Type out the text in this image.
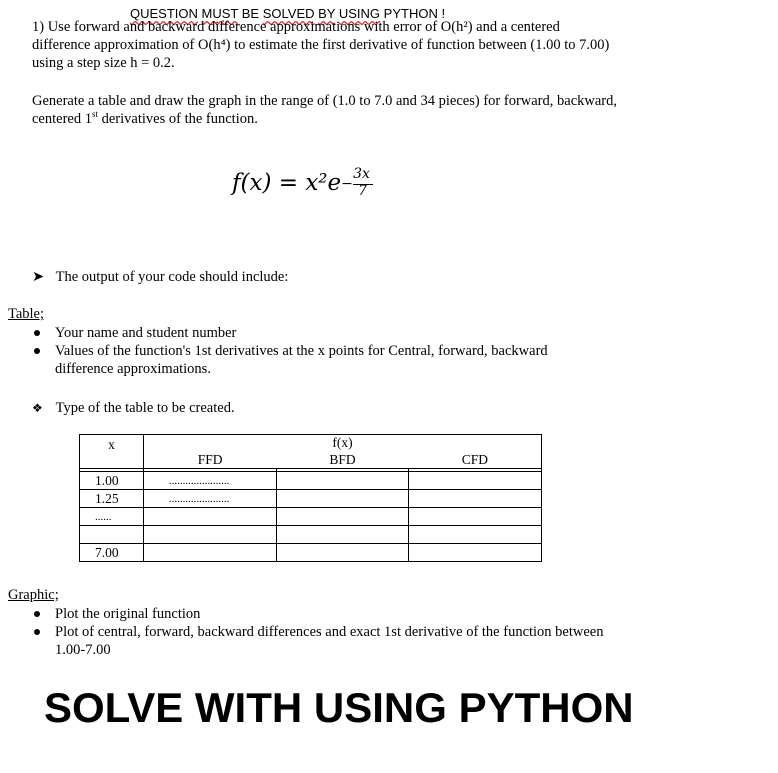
QUESTION MUST BE SOLVED BY USING PYTHON !
1) Use forward and backward difference approximations with error of O(h²) and a centered
difference approximation of O(h⁴) to estimate the first derivative of function between (1.00 to 7.00)
using a step size h = 0.2.
Generate a table and draw the graph in the range of (1.0 to 7.0 and 34 pieces) for forward, backward,
centered 1st derivatives of the function.
f(x) = x²e −
3x
7
➤ The output of your code should include:
Table;
Your name and student number
Values of the function's 1st derivatives at the x points for Central, forward, backward
difference approximations.
❖ Type of the table to be created.
x	f(x)		
	FFD	BFD	CFD

1.00	......................		
1.25	......................		
......			

7.00			
Graphic;
Plot the original function
Plot of central, forward, backward differences and exact 1st derivative of the function between
1.00-7.00
SOLVE WITH USING PYTHON
